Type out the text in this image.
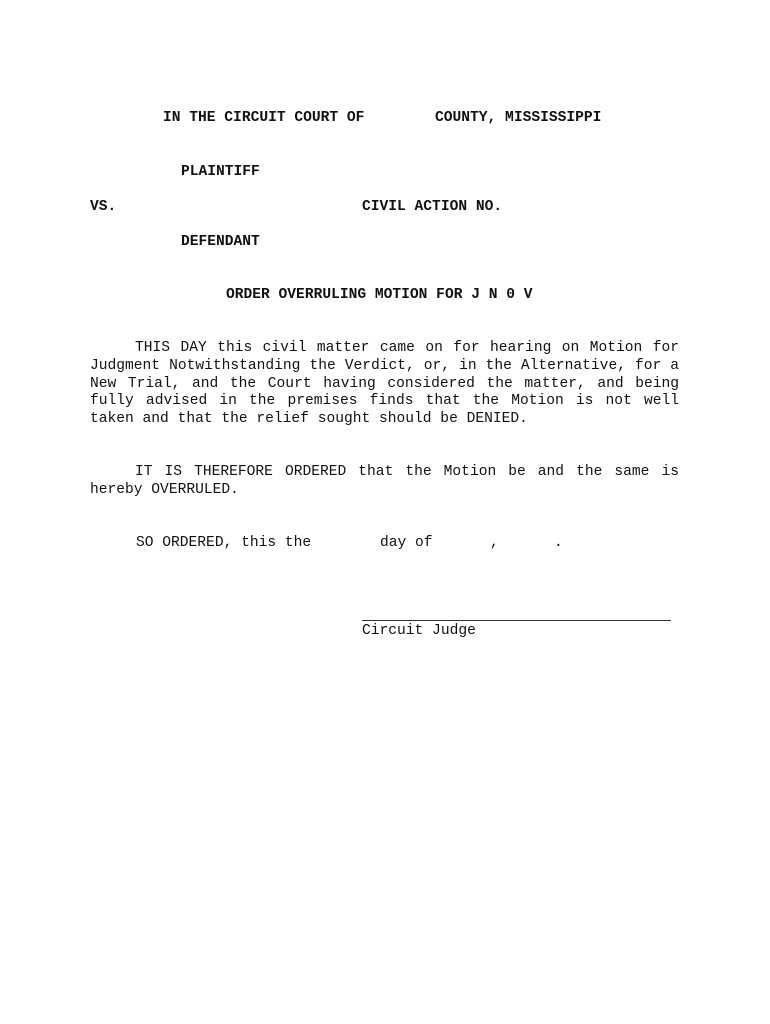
IN THE CIRCUIT COURT OF	COUNTY, MISSISSIPPI
PLAINTIFF
VS.	CIVIL ACTION NO.
DEFENDANT
ORDER OVERRULING MOTION FOR J N 0 V
THIS DAY this civil matter came on for hearing on Motion for Judgment Notwithstanding the Verdict, or, in the Alternative, for a New Trial, and the Court having considered the matter, and being fully advised in the premises finds that the Motion is not well taken and that the relief sought should be DENIED.
IT IS THEREFORE ORDERED that the Motion be and the same is hereby OVERRULED.
SO ORDERED, this the	day of	,	.
Circuit Judge
